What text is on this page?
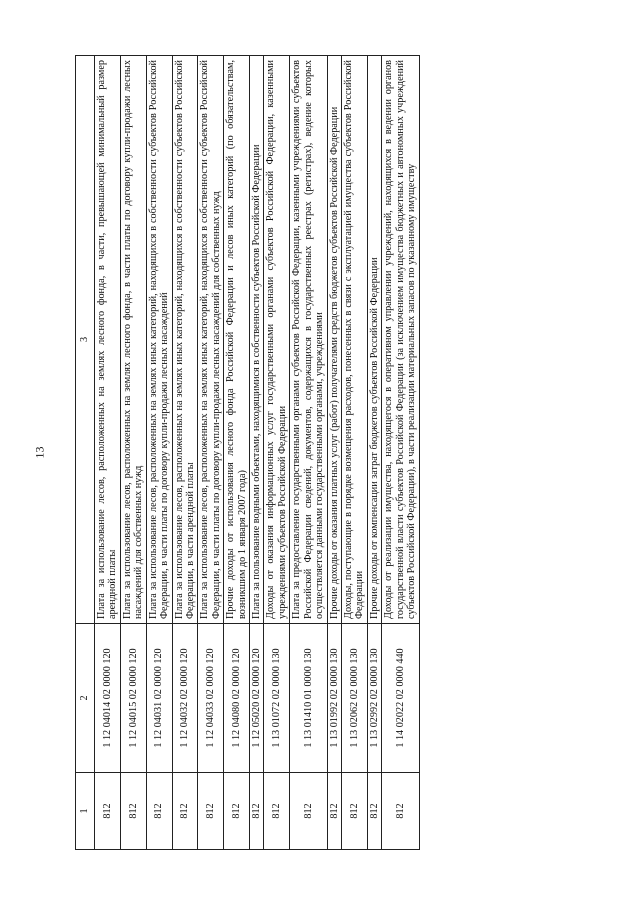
13
1	2	3
812	1 12 04014 02 0000 120	Плата за использование лесов, расположенных на землях лесного фонда, в части, превышающей минимальный размер арендной платы
812	1 12 04015 02 0000 120	Плата за использование лесов, расположенных на землях лесного фонда, в части платы по договору купли-продажи лесных насаждений для собственных нужд
812	1 12 04031 02 0000 120	Плата за использование лесов, расположенных на землях иных категорий, находящихся в собственности субъектов Российской Федерации, в части платы по договору купли-продажи лесных насаждений
812	1 12 04032 02 0000 120	Плата за использование лесов, расположенных на землях иных категорий, находящихся в собственности субъектов Российской Федерации, в части арендной платы
812	1 12 04033 02 0000 120	Плата за использование лесов, расположенных на землях иных категорий, находящихся в собственности субъектов Российской Федерации, в части платы по договору купли-продажи лесных насаждений для собственных нужд
812	1 12 04080 02 0000 120	Прочие доходы от использования лесного фонда Российской Федерации и лесов иных категорий (по обязательствам, возникшим до 1 января 2007 года)
812	1 12 05020 02 0000 120	Плата за пользование водными объектами, находящимися в собственности субъектов Российской Федерации
812	1 13 01072 02 0000 130	Доходы от оказания информационных услуг государственными органами субъектов Российской Федерации, казенными учреждениями субъектов Российской Федерации
812	1 13 01410 01 0000 130	Плата за предоставление государственными органами субъектов Российской Федерации, казенными учреждениями субъектов Российской Федерации сведений, документов, содержащихся в государственных реестрах (регистрах), ведение которых осуществляется данными государственными органами, учреждениями
812	1 13 01992 02 0000 130	Прочие доходы от оказания платных услуг (работ) получателями средств бюджетов субъектов Российской Федерации
812	1 13 02062 02 0000 130	Доходы, поступающие в порядке возмещения расходов, понесенных в связи с эксплуатацией имущества субъектов Российской Федерации
812	1 13 02992 02 0000 130	Прочие доходы от компенсации затрат бюджетов субъектов Российской Федерации
812	1 14 02022 02 0000 440	Доходы от реализации имущества, находящегося в оперативном управлении учреждений, находящихся в ведении органов государственной власти субъектов Российской Федерации (за исключением имущества бюджетных и автономных учреждений субъектов Российской Федерации), в части реализации материальных запасов по указанному имуществу
